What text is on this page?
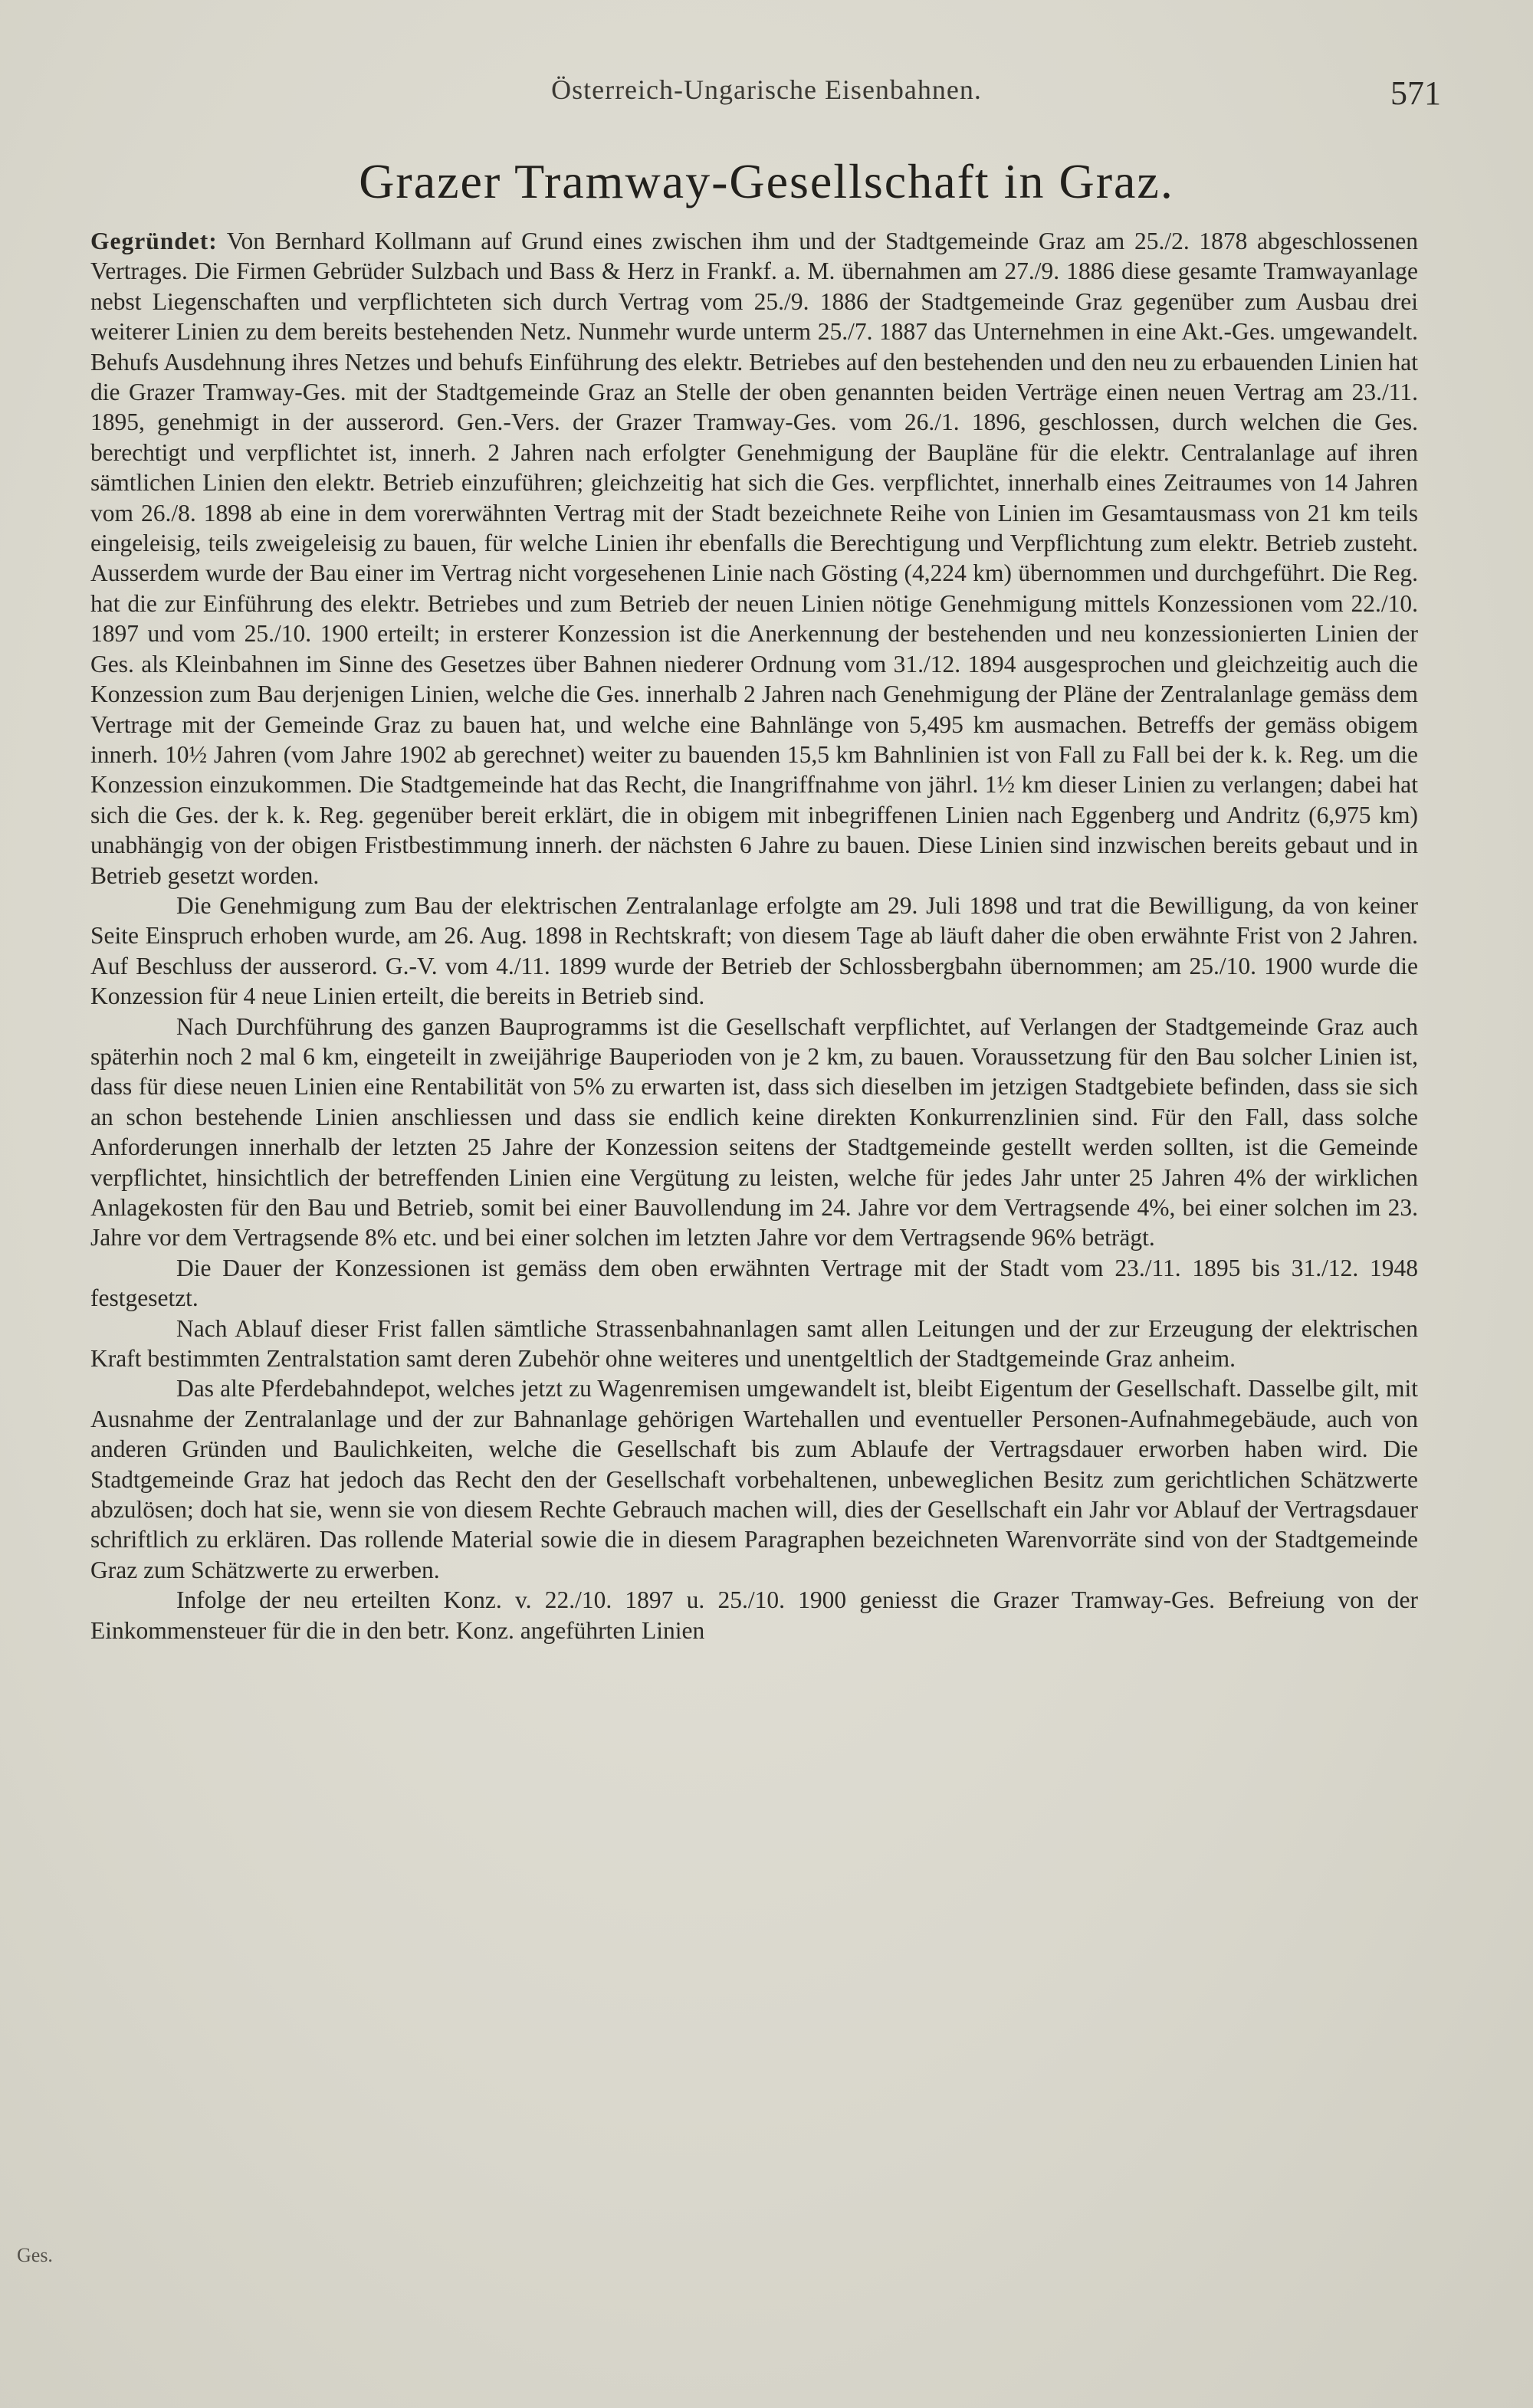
Österreich-Ungarische Eisenbahnen.	571
Grazer Tramway-Gesellschaft in Graz.

Gegründet: Von Bernhard Kollmann auf Grund eines zwischen ihm und der Stadtgemeinde Graz am 25./2. 1878 abgeschlossenen Vertrages. Die Firmen Gebrüder Sulzbach und Bass & Herz in Frankf. a. M. übernahmen am 27./9. 1886 diese gesamte Tramwayanlage nebst Liegenschaften und verpflichteten sich durch Vertrag vom 25./9. 1886 der Stadtgemeinde Graz gegenüber zum Ausbau drei weiterer Linien zu dem bereits bestehenden Netz. Nunmehr wurde unterm 25./7. 1887 das Unternehmen in eine Akt.-Ges. umgewandelt. Behufs Ausdehnung ihres Netzes und behufs Einführung des elektr. Betriebes auf den bestehenden und den neu zu erbauenden Linien hat die Grazer Tramway-Ges. mit der Stadtgemeinde Graz an Stelle der oben genannten beiden Verträge einen neuen Vertrag am 23./11. 1895, genehmigt in der ausserord. Gen.-Vers. der Grazer Tramway-Ges. vom 26./1. 1896, geschlossen, durch welchen die Ges. berechtigt und verpflichtet ist, innerh. 2 Jahren nach erfolgter Genehmigung der Baupläne für die elektr. Centralanlage auf ihren sämtlichen Linien den elektr. Betrieb einzuführen; gleichzeitig hat sich die Ges. verpflichtet, innerhalb eines Zeitraumes von 14 Jahren vom 26./8. 1898 ab eine in dem vorerwähnten Vertrag mit der Stadt bezeichnete Reihe von Linien im Gesamtausmass von 21 km teils eingeleisig, teils zweigeleisig zu bauen, für welche Linien ihr ebenfalls die Berechtigung und Verpflichtung zum elektr. Betrieb zusteht. Ausserdem wurde der Bau einer im Vertrag nicht vorgesehenen Linie nach Gösting (4,224 km) übernommen und durchgeführt. Die Reg. hat die zur Einführung des elektr. Betriebes und zum Betrieb der neuen Linien nötige Genehmigung mittels Konzessionen vom 22./10. 1897 und vom 25./10. 1900 erteilt; in ersterer Konzession ist die Anerkennung der bestehenden und neu konzessionierten Linien der Ges. als Kleinbahnen im Sinne des Gesetzes über Bahnen niederer Ordnung vom 31./12. 1894 ausgesprochen und gleichzeitig auch die Konzession zum Bau derjenigen Linien, welche die Ges. innerhalb 2 Jahren nach Genehmigung der Pläne der Zentralanlage gemäss dem Vertrage mit der Gemeinde Graz zu bauen hat, und welche eine Bahnlänge von 5,495 km ausmachen. Betreffs der gemäss obigem innerh. 10½ Jahren (vom Jahre 1902 ab gerechnet) weiter zu bauenden 15,5 km Bahnlinien ist von Fall zu Fall bei der k. k. Reg. um die Konzession einzukommen. Die Stadtgemeinde hat das Recht, die Inangriffnahme von jährl. 1½ km dieser Linien zu verlangen; dabei hat sich die Ges. der k. k. Reg. gegenüber bereit erklärt, die in obigem mit inbegriffenen Linien nach Eggenberg und Andritz (6,975 km) unabhängig von der obigen Fristbestimmung innerh. der nächsten 6 Jahre zu bauen. Diese Linien sind inzwischen bereits gebaut und in Betrieb gesetzt worden.

Die Genehmigung zum Bau der elektrischen Zentralanlage erfolgte am 29. Juli 1898 und trat die Bewilligung, da von keiner Seite Einspruch erhoben wurde, am 26. Aug. 1898 in Rechtskraft; von diesem Tage ab läuft daher die oben erwähnte Frist von 2 Jahren. Auf Beschluss der ausserord. G.-V. vom 4./11. 1899 wurde der Betrieb der Schlossbergbahn übernommen; am 25./10. 1900 wurde die Konzession für 4 neue Linien erteilt, die bereits in Betrieb sind.

Nach Durchführung des ganzen Bauprogramms ist die Gesellschaft verpflichtet, auf Verlangen der Stadtgemeinde Graz auch späterhin noch 2 mal 6 km, eingeteilt in zweijährige Bauperioden von je 2 km, zu bauen. Voraussetzung für den Bau solcher Linien ist, dass für diese neuen Linien eine Rentabilität von 5% zu erwarten ist, dass sich dieselben im jetzigen Stadtgebiete befinden, dass sie sich an schon bestehende Linien anschliessen und dass sie endlich keine direkten Konkurrenzlinien sind. Für den Fall, dass solche Anforderungen innerhalb der letzten 25 Jahre der Konzession seitens der Stadtgemeinde gestellt werden sollten, ist die Gemeinde verpflichtet, hinsichtlich der betreffenden Linien eine Vergütung zu leisten, welche für jedes Jahr unter 25 Jahren 4% der wirklichen Anlagekosten für den Bau und Betrieb, somit bei einer Bauvollendung im 24. Jahre vor dem Vertragsende 4%, bei einer solchen im 23. Jahre vor dem Vertragsende 8% etc. und bei einer solchen im letzten Jahre vor dem Vertragsende 96% beträgt.

Die Dauer der Konzessionen ist gemäss dem oben erwähnten Vertrage mit der Stadt vom 23./11. 1895 bis 31./12. 1948 festgesetzt.

Nach Ablauf dieser Frist fallen sämtliche Strassenbahnanlagen samt allen Leitungen und der zur Erzeugung der elektrischen Kraft bestimmten Zentralstation samt deren Zubehör ohne weiteres und unentgeltlich der Stadtgemeinde Graz anheim.

Das alte Pferdebahndepot, welches jetzt zu Wagenremisen umgewandelt ist, bleibt Eigentum der Gesellschaft. Dasselbe gilt, mit Ausnahme der Zentralanlage und der zur Bahnanlage gehörigen Wartehallen und eventueller Personen-Aufnahmegebäude, auch von anderen Gründen und Baulichkeiten, welche die Gesellschaft bis zum Ablaufe der Vertragsdauer erworben haben wird. Die Stadtgemeinde Graz hat jedoch das Recht den der Gesellschaft vorbehaltenen, unbeweglichen Besitz zum gerichtlichen Schätzwerte abzulösen; doch hat sie, wenn sie von diesem Rechte Gebrauch machen will, dies der Gesellschaft ein Jahr vor Ablauf der Vertragsdauer schriftlich zu erklären. Das rollende Material sowie die in diesem Paragraphen bezeichneten Warenvorräte sind von der Stadtgemeinde Graz zum Schätzwerte zu erwerben.

Infolge der neu erteilten Konz. v. 22./10. 1897 u. 25./10. 1900 geniesst die Grazer Tramway-Ges. Befreiung von der Einkommensteuer für die in den betr. Konz. angeführten Linien

Ges.
